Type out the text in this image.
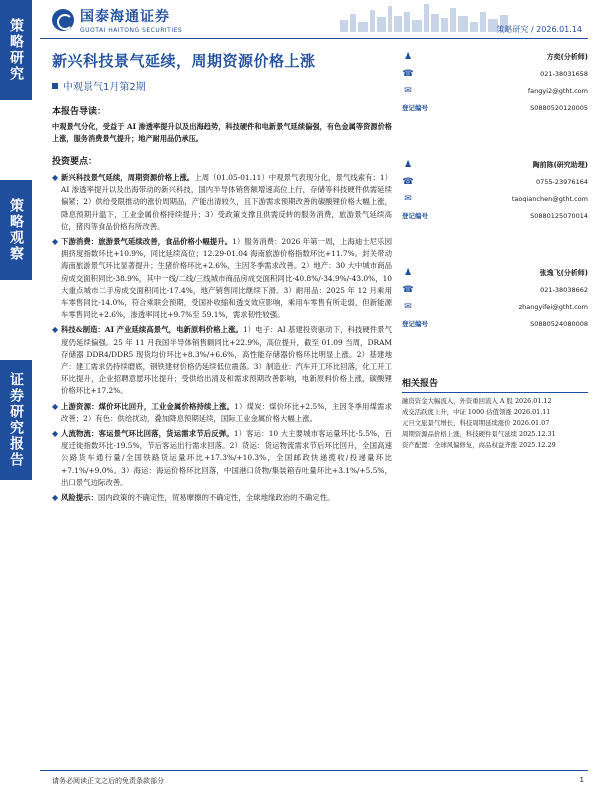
策略研究
策略观察
证券研究报告
国泰海通证券
GUOTAI HAITONG SECURITIES	策略研究 / 2026.01.14
新兴科技景气延续，周期资源价格上涨
中观景气1月第2期
本报告导读：
中观景气分化，受益于 AI 渗透率提升以及出海趋势，科技硬件和电新景气延续偏强，有色金属等资源价格上涨，服务消费景气提升；地产耐用品仍承压。
投资要点：
◆ 新兴科技景气延续，周期资源价格上涨。上周（01.05-01.11）中观景气表现分化，景气线索有：1）AI 渗透率提升以及出海带动的新兴科技，国内半导体销售额增速高位上行，存储等科技硬件供需延续偏紧；2）供给受限推动的涨价周期品，产能出清较久，且下游需求预期改善的碳酸锂价格大幅上涨，降息预期升温下，工业金属价格持续提升；3）受政策支撑且供需反转的服务消费，旅游景气延续高位，猪肉等食品价格有所改善。
◆ 下游消费：旅游景气延续改善，食品价格小幅提升。1）服务消费：2026 年第一周，上海迪士尼乐园拥挤度指数环比+10.9%，同比延续高位；12.29-01.04 海南旅游价格指数环比+11.7%。封关带动海南旅游景气环比显著提升；生猪价格环比+2.6%，主因冬季需求改善。2）地产：30 大中城市商品房成交面积同比-38.9%，其中一线/二线/三线城市商品房成交面积同比-40.8%/-34.9%/-43.0%，10 大重点城市二手房成交面积同比-17.4%，地产销售同比继续下滑。3）耐用品：2025 年 12 月乘用车零售同比-14.0%，符合乘联会预期，受国补收缩和透支效应影响，乘用车零售有所走弱，但新能源车零售同比+2.6%，渗透率同比+9.7%至 59.1%，需求韧性较强。
◆ 科技&制造：AI 产业延续高景气，电新原料价格上涨。1）电子：AI 基建投资驱动下，科技硬件景气度仍延续偏强。25 年 11 月我国半导体销售额同比+22.9%，高位提升，截至 01.09 当周，DRAM 存储器 DDR4/DDR5 现货均价环比+8.3%/+6.6%，高性能存储器价格环比明显上涨。2）基建地产：建工需求仍持续磨底，钢铁建材价格仍延续低位震荡。3）制造业：汽车开工环比回落，化工开工环比提升，企业招聘意愿环比提升；受供给出清及和需求预期改善影响，电新原料价格上涨，碳酸锂价格环比+17.2%。
◆ 上游资源：煤价环比回升，工业金属价格持续上涨。1）煤炭：煤价环比+2.5%，主因冬季用煤需求改善；2）有色：供给扰动，叠加降息预期延续，国际工业金属价格大幅上涨。
◆ 人流物流：客运景气环比回落，货运需求节后反弹。1）客运：10 大主要城市客运量环比-5.5%，百度迁徙指数环比-19.5%，节后客运出行需求回落。2）货运：货运物流需求节后环比回升，全国高速公路货车通行量/全国铁路货运量环比+17.3%/+10.3%，全国邮政快递揽收/投递量环比+7.1%/+9.0%。3）海运：海运价格环比回落，中国港口货物/集装箱吞吐量环比+3.1%/+5.5%，出口景气边际改善。
◆ 风险提示：国内政策的不确定性，贸易摩擦的不确定性，全球地缘政治的不确定性。
♟	方奕(分析师)
☎	021-38031658
✉	fangyi2@gtht.com
登记编号	S0880520120005
♟	陶前陈(研究助理)
☎	0755-23976164
✉	taoqianchen@gtht.com
登记编号	S0880125070014
♟	张逸飞(分析师)
☎	021-38038662
✉	zhangyifei@gtht.com
登记编号	S0880524080008
相关报告
融资资金大幅流入，外资重回流入 A 股 2026.01.12
成交活跃度上升，中证 1000 估值领涨 2026.01.11
元旦文旅景气增长，科技周期延续涨价 2026.01.07
周期资源品价格上涨，科技硬件景气延续 2025.12.31
资产配置：全球风偏修复，商品权益齐涨 2025.12.29
请务必阅读正文之后的免责条款部分	1
